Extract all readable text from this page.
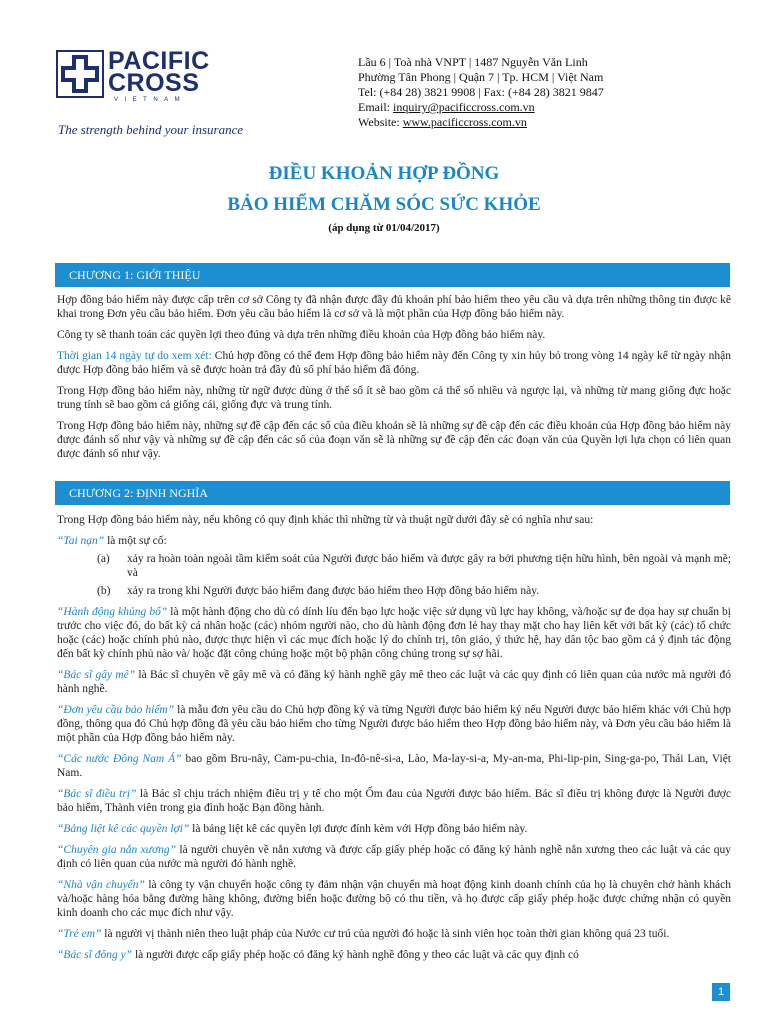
PACIFIC
CROSS
VIETNAM
The strength behind your insurance
Lầu 6 | Toà nhà VNPT | 1487 Nguyễn Văn Linh
Phường Tân Phong | Quận 7 | Tp. HCM | Việt Nam
Tel: (+84 28) 3821 9908 | Fax: (+84 28) 3821 9847
Email: inquiry@pacificcross.com.vn
Website: www.pacificcross.com.vn
ĐIỀU KHOẢN HỢP ĐỒNG
BẢO HIỂM CHĂM SÓC SỨC KHỎE
(áp dụng từ 01/04/2017)
CHƯƠNG 1: GIỚI THIỆU

Hợp đồng bảo hiểm này được cấp trên cơ sở Công ty đã nhận được đầy đủ khoản phí bảo hiểm theo yêu cầu và dựa trên những thông tin được kê khai trong Đơn yêu cầu bảo hiểm. Đơn yêu cầu bảo hiểm là cơ sở và là một phần của Hợp đồng bảo hiểm này.

Công ty sẽ thanh toán các quyền lợi theo đúng và dựa trên những điều khoản của Hợp đồng bảo hiểm này.

Thời gian 14 ngày tự do xem xét: Chủ hợp đồng có thể đem Hợp đồng bảo hiểm này đến Công ty xin hủy bỏ trong vòng 14 ngày kể từ ngày nhận được Hợp đồng bảo hiểm và sẽ được hoàn trả đầy đủ số phí bảo hiểm đã đóng.

Trong Hợp đồng bảo hiểm này, những từ ngữ được dùng ở thể số ít sẽ bao gồm cả thể số nhiều và ngược lại, và những từ mang giống đực hoặc trung tính sẽ bao gồm cả giống cái, giống đực và trung tính.

Trong Hợp đồng bảo hiểm này, những sự đề cập đến các số của điều khoản sẽ là những sự đề cập đến các điều khoản của Hợp đồng bảo hiểm này được đánh số như vậy và những sự đề cập đến các số của đoạn văn sẽ là những sự đề cập đến các đoạn văn của Quyền lợi lựa chọn có liên quan được đánh số như vậy.

CHƯƠNG 2: ĐỊNH NGHĨA

Trong Hợp đồng bảo hiểm này, nếu không có quy định khác thì những từ và thuật ngữ dưới đây sẽ có nghĩa như sau:

“Tai nạn” là một sự cố:

(a)	xảy ra hoàn toàn ngoài tầm kiểm soát của Người được bảo hiểm và được gây ra bởi phương tiện hữu hình, bên ngoài và mạnh mẽ; và
(b)	xảy ra trong khi Người được bảo hiểm đang được bảo hiểm theo Hợp đồng bảo hiểm này.

“Hành động khủng bố” là một hành động cho dù có dính líu đến bạo lực hoặc việc sử dụng vũ lực hay không, và/hoặc sự đe dọa hay sự chuẩn bị trước cho việc đó, do bất kỳ cá nhân hoặc (các) nhóm người nào, cho dù hành động đơn lẻ hay thay mặt cho hay liên kết với bất kỳ (các) tổ chức hoặc (các) hoặc chính phủ nào, được thực hiện vì các mục đích hoặc lý do chính trị, tôn giáo, ý thức hệ, hay dân tộc bao gồm cả ý định tác động đến bất kỳ chính phủ nào và/ hoặc đặt công chúng hoặc một bộ phận công chúng trong sự sợ hãi.

“Bác sĩ gây mê” là Bác sĩ chuyên về gây mê và có đăng ký hành nghề gây mê theo các luật và các quy định có liên quan của nước mà người đó hành nghề.

“Đơn yêu cầu bảo hiểm” là mẫu đơn yêu cầu do Chủ hợp đồng ký và từng Người được bảo hiểm ký nếu Người được bảo hiểm khác với Chủ hợp đồng, thông qua đó Chủ hợp đồng đã yêu cầu bảo hiểm cho từng Người được bảo hiểm theo Hợp đồng bảo hiểm này, và Đơn yêu cầu bảo hiểm là một phần của Hợp đồng bảo hiểm này.

“Các nước Đông Nam Á” bao gồm Bru-nây, Cam-pu-chia, In-đô-nê-si-a, Lào, Ma-lay-si-a, My-an-ma, Phi-lip-pin, Sing-ga-po, Thái Lan, Việt Nam.

“Bác sĩ điều trị” là Bác sĩ chịu trách nhiệm điều trị y tế cho một Ốm đau của Người được bảo hiểm. Bác sĩ điều trị không được là Người được bảo hiểm, Thành viên trong gia đình hoặc Bạn đồng hành.

“Bảng liệt kê các quyền lợi” là bảng liệt kê các quyền lợi được đính kèm với Hợp đồng bảo hiểm này.

“Chuyên gia nắn xương” là người chuyên về nắn xương và được cấp giấy phép hoặc có đăng ký hành nghề nắn xương theo các luật và các quy định có liên quan của nước mà người đó hành nghề.

“Nhà vận chuyển” là công ty vận chuyển hoặc công ty đảm nhận vận chuyển mà hoạt động kinh doanh chính của họ là chuyên chở hành khách và/hoặc hàng hóa bằng đường hàng không, đường biển hoặc đường bộ có thu tiền, và họ được cấp giấy phép hoặc được chứng nhận có quyền kinh doanh cho các mục đích như vậy.

“Trẻ em” là người vị thành niên theo luật pháp của Nước cư trú của người đó hoặc là sinh viên học toàn thời gian không quá 23 tuổi.

“Bác sĩ đông y” là người được cấp giấy phép hoặc có đăng ký hành nghề đông y theo các luật và các quy định có

1
